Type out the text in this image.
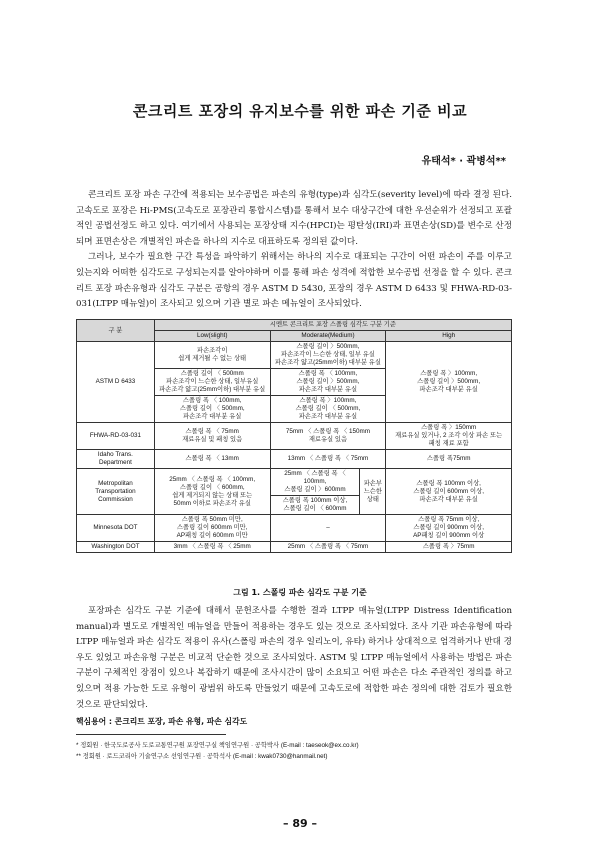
콘크리트 포장의 유지보수를 위한 파손 기준 비교
유태석* · 곽병석**

콘크리트 포장 파손 구간에 적용되는 보수공법은 파손의 유형(type)과 심각도(severity level)에 따라 결정 된다. 고속도로 포장은 Hi-PMS(고속도로 포장관리 통합시스템)를 통해서 보수 대상구간에 대한 우선순위가 선정되고 포괄적인 공법선정도 하고 있다. 여기에서 사용되는 포장상태 지수(HPCI)는 평탄성(IRI)과 표면손상(SD)를 변수로 산정되며 표면손상은 개별적인 파손을 하나의 지수로 대표하도록 정의된 값이다.

그러나, 보수가 필요한 구간 특성을 파악하기 위해서는 하나의 지수로 대표되는 구간이 어떤 파손이 주를 이루고 있는지와 어떠한 심각도로 구성되는지를 알아야하며 이를 통해 파손 성격에 적합한 보수공법 선정을 할 수 있다. 콘크리트 포장 파손유형과 심각도 구분은 공항의 경우 ASTM D 5430, 포장의 경우 ASTM D 6433 및 FHWA-RD-03-031(LTPP 매뉴얼)이 조사되고 있으며 기관 별로 파손 메뉴얼이 조사되었다.

구 분	시멘트 콘크리트 포장 스폴링 심각도 구분 기준			
	Low(slight)	Moderate(Medium)		High
ASTM D 6433	파손조각이
쉽게 제거될 수 없는 상태	스폴링 길이 〉500mm,
파손조각이 느슨한 상태, 일부 유실
파손조각 얇고(25mm이하) 대부분 유실		스폴링 폭 〉100mm,
스폴링 길이 〉500mm,
파손조각 대부분 유실
	스폴링 길이 〈 500mm
파손조각이 느슨한 상태, 일부유실
파손조각 얇고(25mm이하) 대부분 유실	스폴링 폭 〈 100mm,
스폴링 길이 〉500mm,
파손조각 대부분 유실		
	스폴링 폭 〈 100mm,
스폴링 길이 〈 500mm,
파손조각 대부분 유실	스폴링 폭 〉100mm,
스폴링 길이 〈 500mm,
파손조각 대부분 유실		
FHWA-RD-03-031	스폴링 폭 〈 75mm
재료유실 및 패칭 있음	75mm 〈 스폴링 폭 〈 150mm
재료유실 있음		스폴링 폭 〉150mm
재료유실 있거나, 2 조각 이상 파손 또는
패칭 재료 포함
Idaho Trans.
Department	스폴링 폭 〈 13mm	13mm 〈 스폴링 폭 〈 75mm		스폴링 폭75mm
Metropolitan
Transportation
Commission	25mm 〈 스폴링 폭 〈 100mm,
스폴링 길이 〈 600mm,
쉽게 제거되지 않는 상태 또는
50mm 이하로 파손조각 유실	25mm 〈 스폴링 폭 〈 100mm,
스폴링 길이 〉600mm	파손부
느슨한
상태	스폴링 폭 100mm 이상,
스폴링 길이 600mm 이상,
파손조각 대부분 유실
		스폴링 폭 100mm 이상,
스폴링 길이 〈 600mm		
Minnesota DOT	스폴링 폭 50mm 미만,
스폴링 길이 600mm 미만,
AP패칭 길이 600mm 미만	–		스폴링 폭 75mm 이상,
스폴링 길이 900mm 이상,
AP패칭 길이 900mm 이상
Washington DOT	3mm 〈 스폴링 폭 〈 25mm	25mm 〈 스폴링 폭 〈 75mm		스폴링 폭 〉75mm
그림 1. 스폴링 파손 심각도 구분 기준

포장파손 심각도 구분 기준에 대해서 문헌조사를 수행한 결과 LTPP 매뉴얼(LTPP Distress Identification manual)과 별도로 개별적인 매뉴얼을 만들어 적용하는 경우도 있는 것으로 조사되었다. 조사 기관 파손유형에 따라 LTPP 매뉴얼과 파손 심각도 적용이 유사(스폴링 파손의 경우 일리노이, 유타) 하거나 상대적으로 엄격하거나 반대 경우도 있었고 파손유형 구분은 비교적 단순한 것으로 조사되었다. ASTM 및 LTPP 매뉴얼에서 사용하는 방법은 파손 구분이 구체적인 장점이 있으나 복잡하기 때문에 조사시간이 많이 소요되고 어떤 파손은 다소 주관적인 정의를 하고 있으며 적용 가능한 도로 유형이 광범위 하도록 만들었기 때문에 고속도로에 적합한 파손 정의에 대한 검토가 필요한 것으로 판단되었다.

핵심용어 : 콘크리트 포장, 파손 유형, 파손 심각도
* 정회원 · 한국도로공사 도로교통연구원 포장연구실 책임연구원 · 공학박사 (E-mail : taeseok@ex.co.kr)
** 정회원 · 로드코리아 기술연구소 선임연구원 · 공학석사 (E-mail : kwak0730@hanmail.net)
– 89 –
